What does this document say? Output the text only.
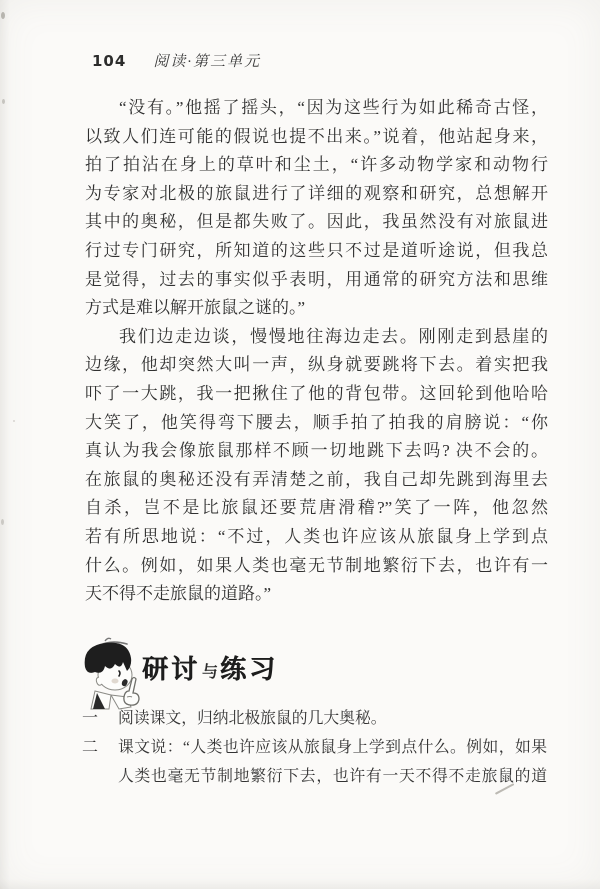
104 阅读·第三单元
“没有。”他摇了摇头，“因为这些行为如此稀奇古怪，
以致人们连可能的假说也提不出来。”说着，他站起身来，
拍了拍沾在身上的草叶和尘土，“许多动物学家和动物行
为专家对北极的旅鼠进行了详细的观察和研究，总想解开
其中的奥秘，但是都失败了。因此，我虽然没有对旅鼠进
行过专门研究，所知道的这些只不过是道听途说，但我总
是觉得，过去的事实似乎表明，用通常的研究方法和思维
方式是难以解开旅鼠之谜的。”
我们边走边谈，慢慢地往海边走去。刚刚走到悬崖的
边缘，他却突然大叫一声，纵身就要跳将下去。着实把我
吓了一大跳，我一把揪住了他的背包带。这回轮到他哈哈
大笑了，他笑得弯下腰去，顺手拍了拍我的肩膀说：“你
真认为我会像旅鼠那样不顾一切地跳下去吗? 决不会的。
在旅鼠的奥秘还没有弄清楚之前，我自己却先跳到海里去
自杀，岂不是比旅鼠还要荒唐滑稽?”笑了一阵，他忽然
若有所思地说：“不过，人类也许应该从旅鼠身上学到点
什么。例如，如果人类也毫无节制地繁衍下去，也许有一
天不得不走旅鼠的道路。”
研讨 与练习
一	阅读课文，归纳北极旅鼠的几大奥秘。
二	课文说：“人类也许应该从旅鼠身上学到点什么。例如，如果
人类也毫无节制地繁衍下去，也许有一天不得不走旅鼠的道
